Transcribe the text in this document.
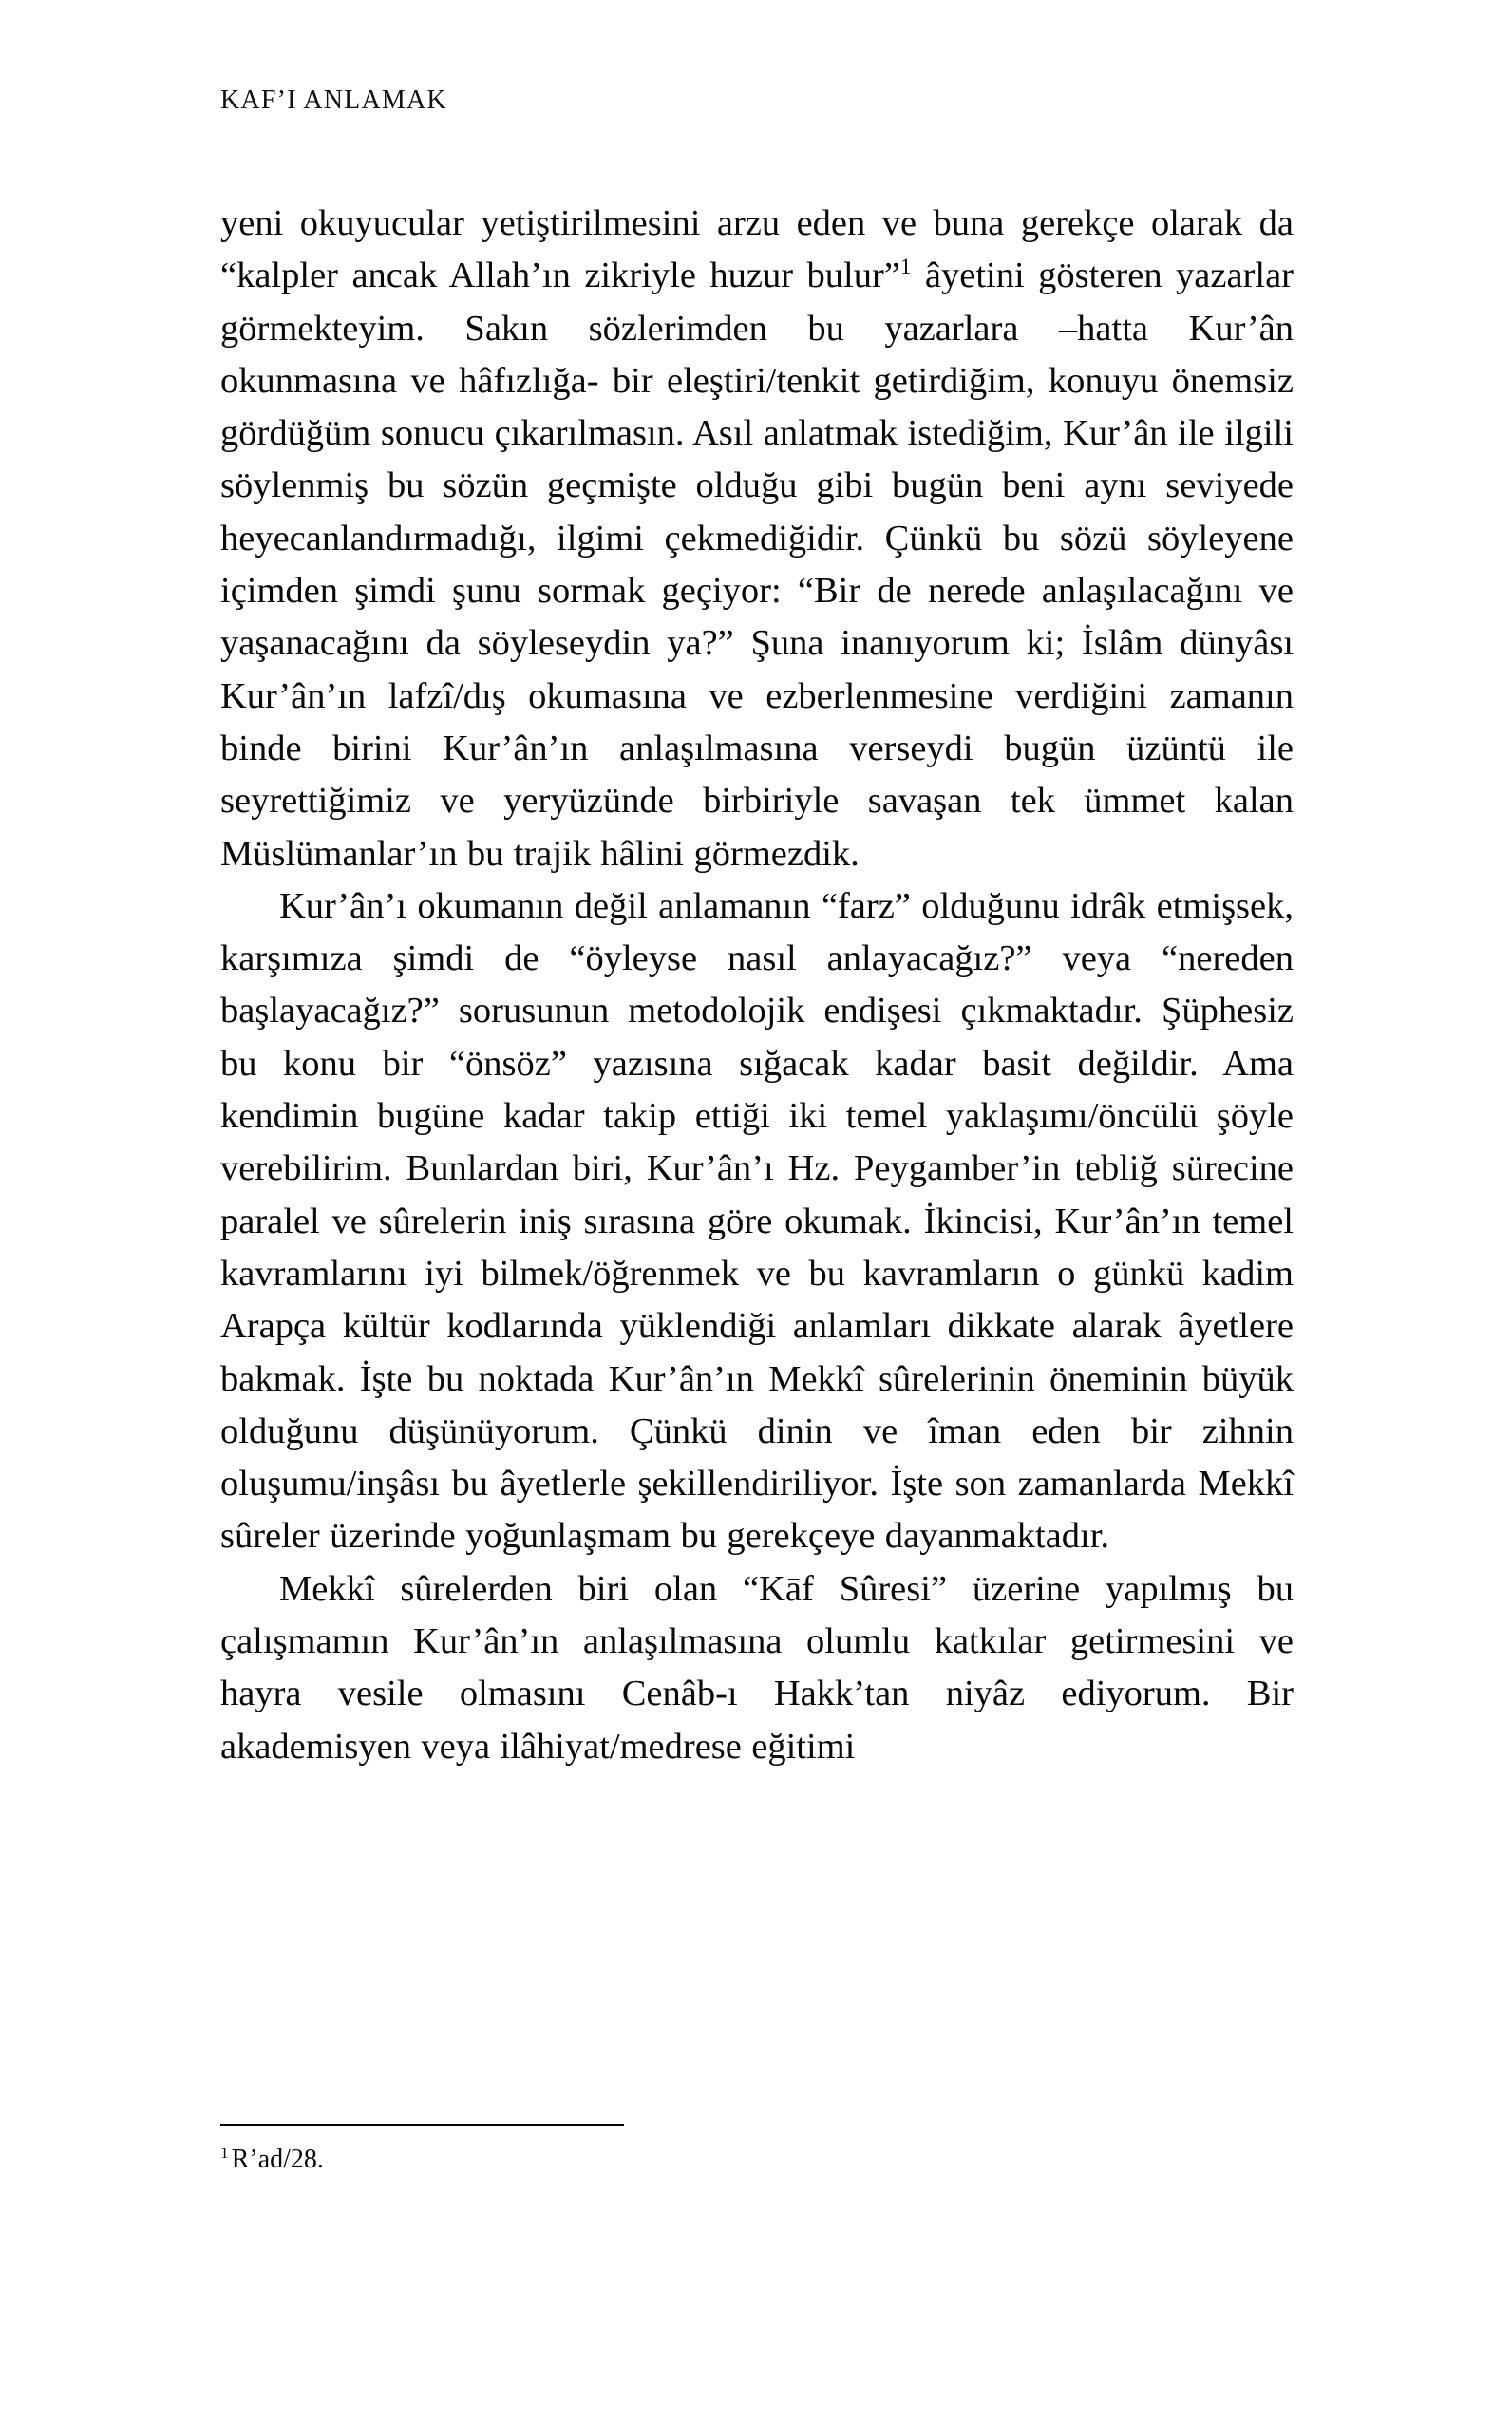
KAF’I ANLAMAK

yeni okuyucular yetiştirilmesini arzu eden ve buna gerekçe olarak da “kalpler ancak Allah’ın zikriyle huzur bulur”$^1$ âyetini gösteren yazarlar görmekteyim. Sakın sözlerimden bu yazarlara –hatta Kur’ân okunmasına ve hâfızlığa- bir eleştiri/tenkit getirdiğim, konuyu önemsiz gördüğüm sonucu çıkarılmasın. Asıl anlatmak istediğim, Kur’ân ile ilgili söylenmiş bu sözün geçmişte olduğu gibi bugün beni aynı seviyede heyecanlandırmadığı, ilgimi çekmediğidir. Çünkü bu sözü söyleyene içimden şimdi şunu sormak geçiyor: “Bir de nerede anlaşılacağını ve yaşanacağını da söyleseydin ya?” Şuna inanıyorum ki; İslâm dünyâsı Kur’ân’ın lafzî/dış okumasına ve ezberlenmesine verdiğini zamanın binde birini Kur’ân’ın anlaşılmasına verseydi bugün üzüntü ile seyrettiğimiz ve yeryüzünde birbiriyle savaşan tek ümmet kalan Müslümanlar’ın bu trajik hâlini görmezdik.

Kur’ân’ı okumanın değil anlamanın “farz” olduğunu idrâk etmişsek, karşımıza şimdi de “öyleyse nasıl anlayacağız?” veya “nereden başlayacağız?” sorusunun metodolojik endişesi çıkmaktadır. Şüphesiz bu konu bir “önsöz” yazısına sığacak kadar basit değildir. Ama kendimin bugüne kadar takip ettiği iki temel yaklaşımı/öncülü şöyle verebilirim. Bunlardan biri, Kur’ân’ı Hz. Peygamber’in tebliğ sürecine paralel ve sûrelerin iniş sırasına göre okumak. İkincisi, Kur’ân’ın temel kavramlarını iyi bilmek/öğrenmek ve bu kavramların o günkü kadim Arapça kültür kodlarında yüklendiği anlamları dikkate alarak âyetlere bakmak. İşte bu noktada Kur’ân’ın Mekkî sûrelerinin öneminin büyük olduğunu düşünüyorum. Çünkü dinin ve îman eden bir zihnin oluşumu/inşâsı bu âyetlerle şekillendiriliyor. İşte son zamanlarda Mekkî sûreler üzerinde yoğunlaşmam bu gerekçeye dayanmaktadır.

Mekkî sûrelerden biri olan “Kāf Sûresi” üzerine yapılmış bu çalışmamın Kur’ân’ın anlaşılmasına olumlu katkılar getirmesini ve hayra vesile olmasını Cenâb-ı Hakk’tan niyâz ediyorum. Bir akademisyen veya ilâhiyat/medrese eğitimi

$^1$ R’ad/28.
